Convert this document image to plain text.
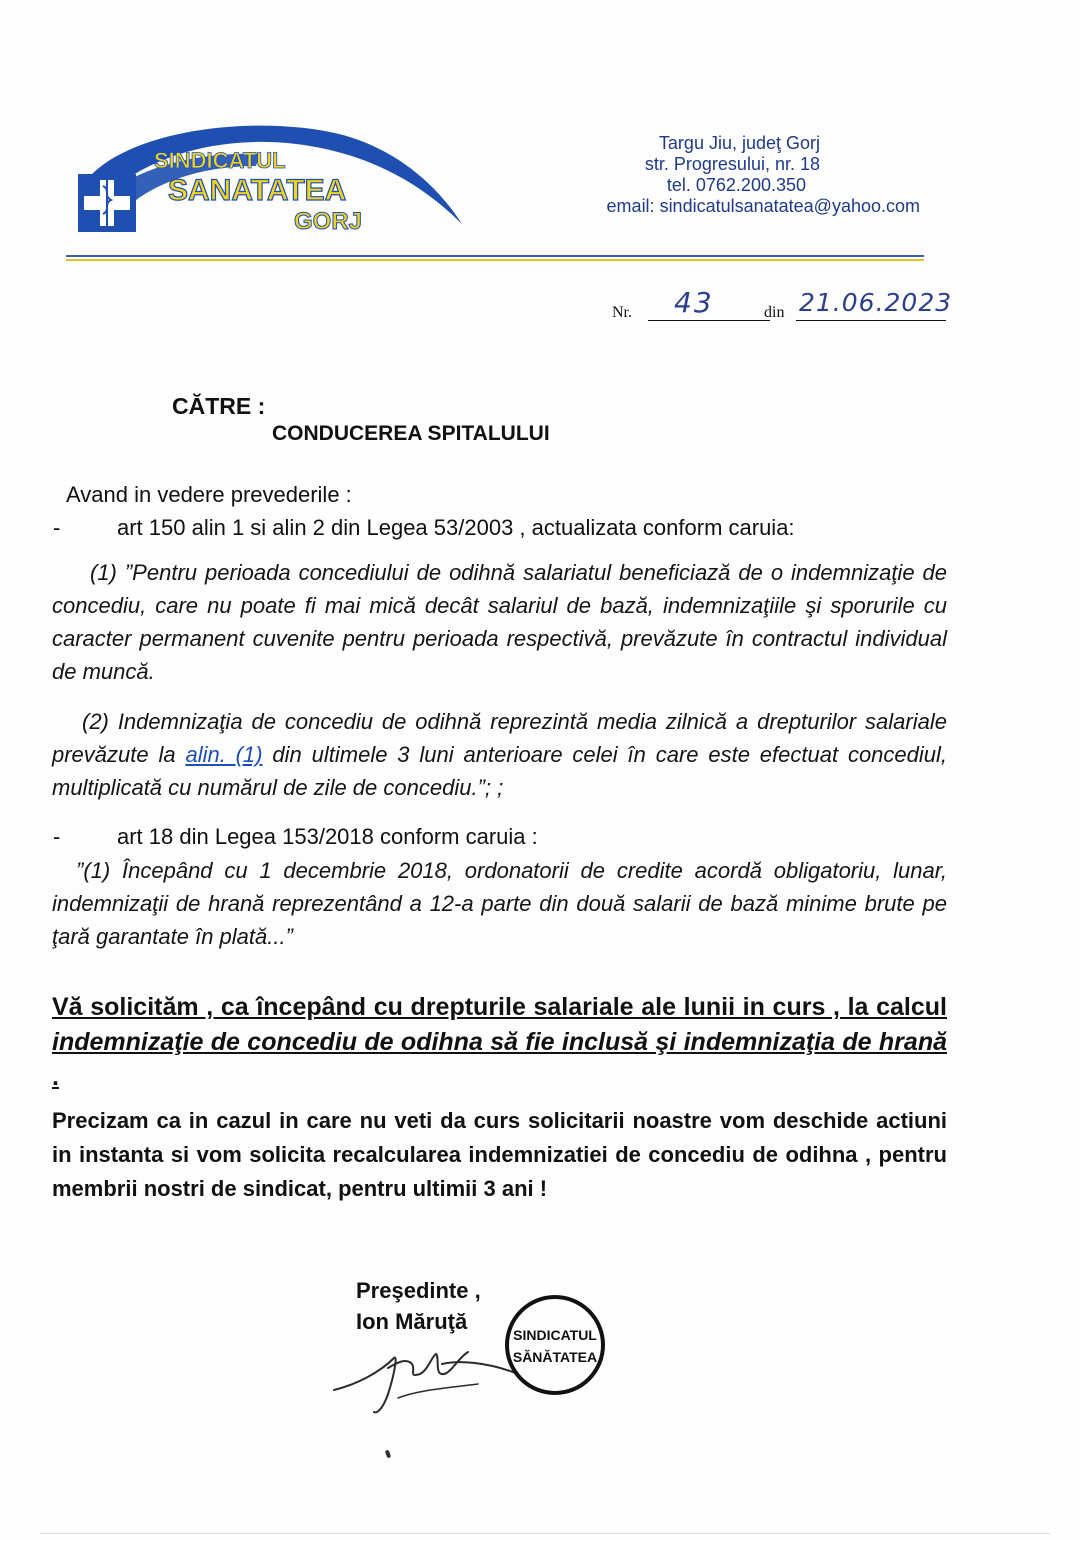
SINDICATUL
SANATATEA
GORJ
Targu Jiu, judeţ Gorj
str. Progresului, nr. 18
tel. 0762.200.350
email: sindicatulsanatatea@yahoo.com
Nr. 43	din 21.06.2023
CĂTRE :
CONDUCEREA SPITALULUI
Avand in vedere prevederile :
-	art 150 alin 1 si alin 2 din Legea 53/2003 , actualizata conform caruia:
(1) ”Pentru perioada concediului de odihnă salariatul beneficiază de o indemnizaţie de concediu, care nu poate fi mai mică decât salariul de bază, indemnizaţiile şi sporurile cu caracter permanent cuvenite pentru perioada respectivă, prevăzute în contractul individual de muncă.
(2) Indemnizaţia de concediu de odihnă reprezintă media zilnică a drepturilor salariale prevăzute la alin. (1) din ultimele 3 luni anterioare celei în care este efectuat concediul, multiplicată cu numărul de zile de concediu.”; ;
-	art 18 din Legea 153/2018 conform caruia :
”(1) Începând cu 1 decembrie 2018, ordonatorii de credite acordă obligatoriu, lunar, indemnizaţii de hrană reprezentând a 12-a parte din două salarii de bază minime brute pe ţară garantate în plată...”
Vă solicităm , ca începând cu drepturile salariale ale lunii in curs , la calcul indemnizaţie de concediu de odihna să fie inclusă şi indemnizaţia de hrană .
Precizam ca in cazul in care nu veti da curs solicitarii noastre vom deschide actiuni in instanta si vom solicita recalcularea indemnizatiei de concediu de odihna , pentru membrii nostri de sindicat, pentru ultimii 3 ani !
Preşedinte ,
Ion Măruţă
SINDICATUL
SĂNĂTATEA
